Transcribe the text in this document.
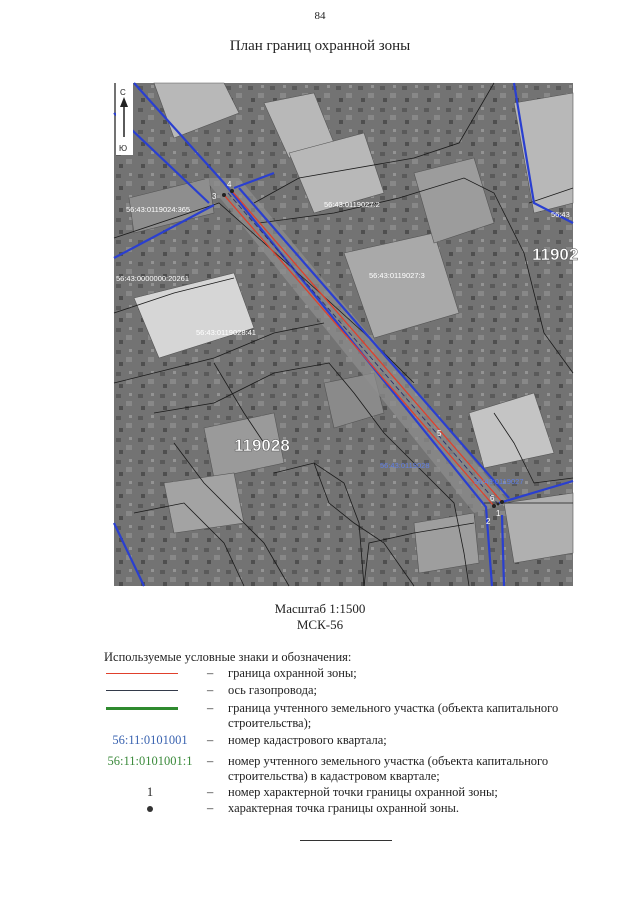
84
План границ охранной зоны
1
2
3
4
5
6
56:43:0119024:365
56:43:0119027:2
56:43:0119027:3
56:43:0000000:20261
56:43:0119028:41
56:43
119028
11902
56:43:0119028
56:43:0119027
С
Ю
Масштаб 1:1500
МСК-56
Используемые условные знаки и обозначения:
– граница охранной зоны;
– ось газопровода;
– граница учтенного земельного участка (объекта капитального строительства);
56:11:0101001	– номер кадастрового квартала;
56:11:0101001:1 – номер учтенного земельного участка (объекта капитального строительства) в кадастровом квартале;
1	– номер характерной точки границы охранной зоны;
– характерная точка границы охранной зоны.
